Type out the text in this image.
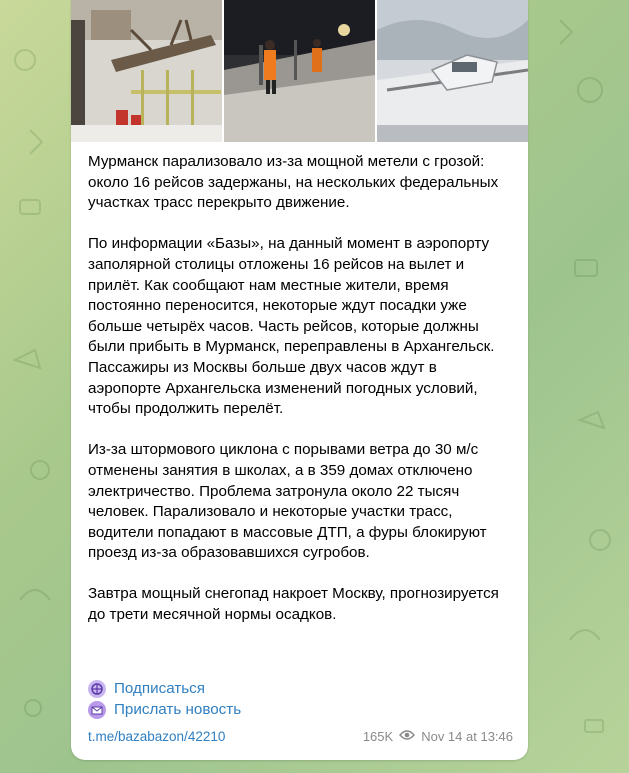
Мурманск парализовало из-за мощной метели с грозой: около 16 рейсов задержаны, на нескольких федеральных участках трасс перекрыто движение.

По информации «Базы», на данный момент в аэропорту заполярной столицы отложены 16 рейсов на вылет и прилёт. Как сообщают нам местные жители, время постоянно переносится, некоторые ждут посадки уже больше четырёх часов. Часть рейсов, которые должны были прибыть в Мурманск, переправлены в Архангельск. Пассажиры из Москвы больше двух часов ждут в аэропорте Архангельска изменений погодных условий, чтобы продолжить перелёт.

Из-за штормового циклона с порывами ветра до 30 м/с отменены занятия в школах, а в 359 домах отключено электричество. Проблема затронула около 22 тысяч человек. Парализовало и некоторые участки трасс, водители попадают в массовые ДТП, а фуры блокируют проезд из-за образовавшихся сугробов.

Завтра мощный снегопад накроет Москву, прогнозируется до трети месячной нормы осадков.

Подписаться
Прислать новость
t.me/bazabazon/42210	165K Nov 14 at 13:46
